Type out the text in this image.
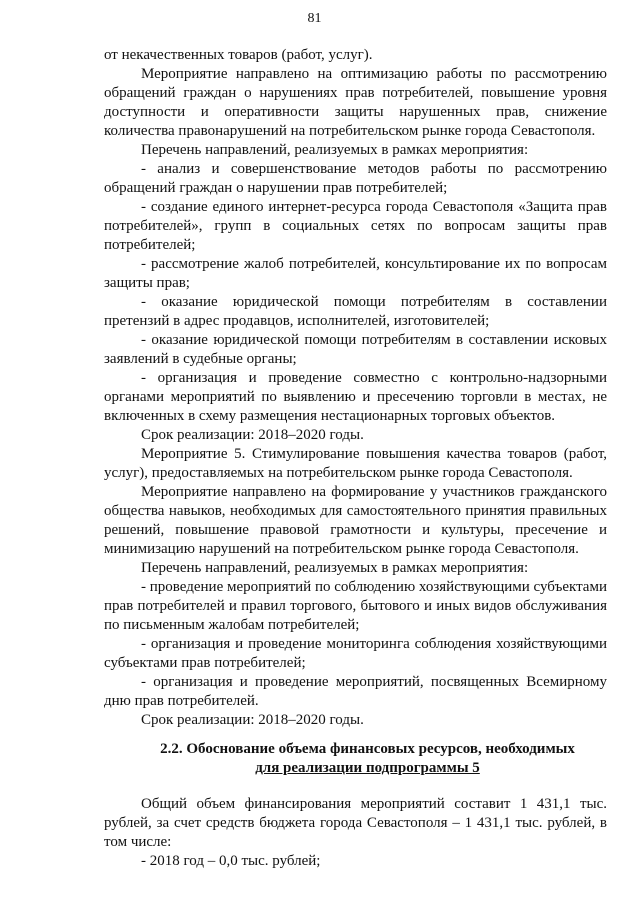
81

от некачественных товаров (работ, услуг).

Мероприятие направлено на оптимизацию работы по рассмотрению обращений граждан о нарушениях прав потребителей, повышение уровня доступности и оперативности защиты нарушенных прав, снижение количества правонарушений на потребительском рынке города Севастополя.

Перечень направлений, реализуемых в рамках мероприятия:

- анализ и совершенствование методов работы по рассмотрению обращений граждан о нарушении прав потребителей;

- создание единого интернет-ресурса города Севастополя «Защита прав потребителей», групп в социальных сетях по вопросам защиты прав потребителей;

- рассмотрение жалоб потребителей, консультирование их по вопросам защиты прав;

- оказание юридической помощи потребителям в составлении претензий в адрес продавцов, исполнителей, изготовителей;

- оказание юридической помощи потребителям в составлении исковых заявлений в судебные органы;

- организация и проведение совместно с контрольно-надзорными органами мероприятий по выявлению и пресечению торговли в местах, не включенных в схему размещения нестационарных торговых объектов.

Срок реализации: 2018–2020 годы.

Мероприятие 5. Стимулирование повышения качества товаров (работ, услуг), предоставляемых на потребительском рынке города Севастополя.

Мероприятие направлено на формирование у участников гражданского общества навыков, необходимых для самостоятельного принятия правильных решений, повышение правовой грамотности и культуры, пресечение и минимизацию нарушений на потребительском рынке города Севастополя.

Перечень направлений, реализуемых в рамках мероприятия:

- проведение мероприятий по соблюдению хозяйствующими субъектами прав потребителей и правил торгового, бытового и иных видов обслуживания по письменным жалобам потребителей;

- организация и проведение мониторинга соблюдения хозяйствующими субъектами прав потребителей;

- организация и проведение мероприятий, посвященных Всемирному дню прав потребителей.

Срок реализации: 2018–2020 годы.

2.2. Обоснование объема финансовых ресурсов, необходимых
для реализации подпрограммы 5

Общий объем финансирования мероприятий составит 1 431,1 тыс. рублей, за счет средств бюджета города Севастополя – 1 431,1 тыс. рублей, в том числе:

- 2018 год – 0,0 тыс. рублей;
